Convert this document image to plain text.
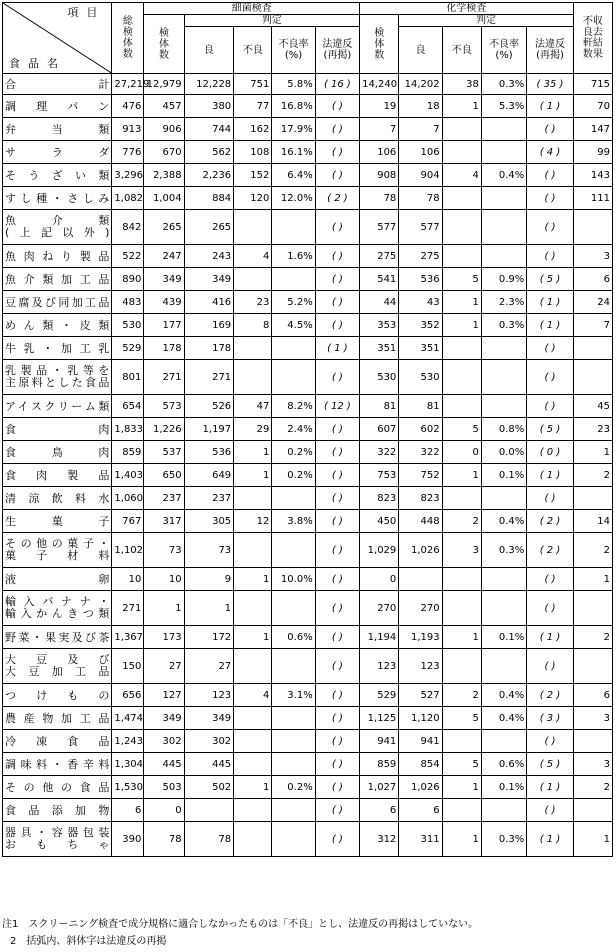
項目
食品名	総検体数	細菌検査					化学検査					不収良去軒結数果
		検体数	判定				検体数	判定				
			良	不良	不良率(%)	法違反(再掲)		良	不良	不良率(%)	法違反(再掲)	
合計	27,219	12,979	12,228	751	5.8%	( 16 )	14,240	14,202	38	0.3%	( 35 )	715
調理パン	476	457	380	77	16.8%	( )	19	18	1	5.3%	( 1 )	70
弁当類	913	906	744	162	17.9%	( )	7	7			( )	147
サラダ	776	670	562	108	16.1%	( )	106	106			( 4 )	99
そうざい類	3,296	2,388	2,236	152	6.4%	( )	908	904	4	0.4%	( )	143
すし種・さしみ	1,082	1,004	884	120	12.0%	( 2 )	78	78			( )	111
魚介類
(上記以外)	842	265	265			( )	577	577			( )	
魚肉ねり製品	522	247	243	4	1.6%	( )	275	275			( )	3
魚介類加工品	890	349	349			( )	541	536	5	0.9%	( 5 )	6
豆腐及び同加工品	483	439	416	23	5.2%	( )	44	43	1	2.3%	( 1 )	24
めん類・皮類	530	177	169	8	4.5%	( )	353	352	1	0.3%	( 1 )	7
牛乳・加工乳	529	178	178			( 1 )	351	351			( )	
乳製品・乳等を
主原料とした食品	801	271	271			( )	530	530			( )	
アイスクリーム類	654	573	526	47	8.2%	( 12 )	81	81			( )	45
食肉	1,833	1,226	1,197	29	2.4%	( )	607	602	5	0.8%	( 5 )	23
食鳥肉	859	537	536	1	0.2%	( )	322	322	0	0.0%	( 0 )	1
食肉製品	1,403	650	649	1	0.2%	( )	753	752	1	0.1%	( 1 )	2
清涼飲料水	1,060	237	237			( )	823	823			( )	
生菓子	767	317	305	12	3.8%	( )	450	448	2	0.4%	( 2 )	14
その他の菓子・
菓子材料	1,102	73	73			( )	1,029	1,026	3	0.3%	( 2 )	2
液卵	10	10	9	1	10.0%	( )	0				( )	1
輸入バナナ・
輸入かんきつ類	271	1	1			( )	270	270			( )	
野菜・果実及び茶	1,367	173	172	1	0.6%	( )	1,194	1,193	1	0.1%	( 1 )	2
大豆及び
大豆加工品	150	27	27			( )	123	123			( )	
つけもの	656	127	123	4	3.1%	( )	529	527	2	0.4%	( 2 )	6
農産物加工品	1,474	349	349			( )	1,125	1,120	5	0.4%	( 3 )	3
冷凍食品	1,243	302	302			( )	941	941			( )	
調味料・香辛料	1,304	445	445			( )	859	854	5	0.6%	( 5 )	3
その他の食品	1,530	503	502	1	0.2%	( )	1,027	1,026	1	0.1%	( 1 )	2
食品添加物	6	0				( )	6	6			( )	
器具・容器包装
おもちゃ	390	78	78			( )	312	311	1	0.3%	( 1 )	1
注1　スクリーニング検査で成分規格に適合しなかったものは「不良」とし、法違反の再掲はしていない。
2　括弧内、斜体字は法違反の再掲
